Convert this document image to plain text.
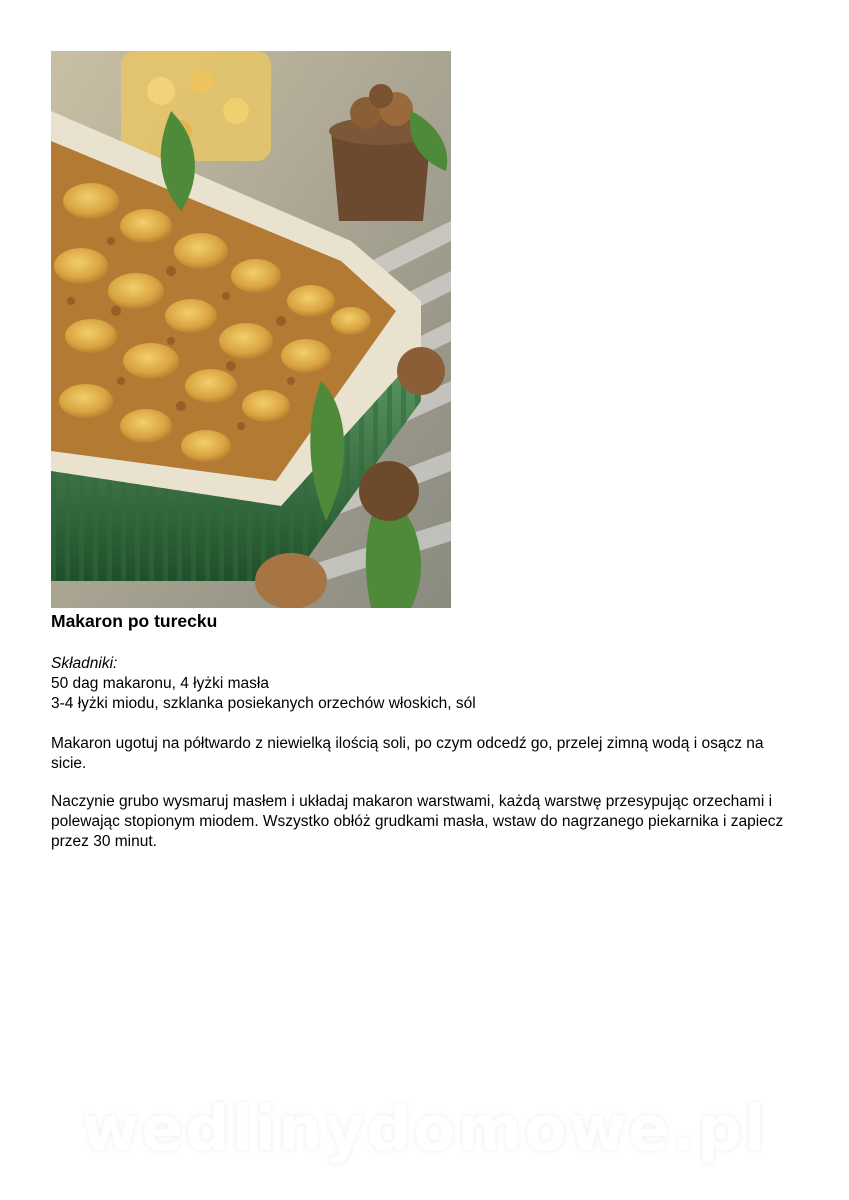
Makaron po turecku

Składniki:
50 dag makaronu, 4 łyżki masła
3-4 łyżki miodu, szklanka posiekanych orzechów włoskich, sól

Makaron ugotuj na półtwardo z niewielką ilością soli, po czym odcedź go, przelej zimną wodą i osącz na sicie.

Naczynie grubo wysmaruj masłem i układaj makaron warstwami, każdą warstwę przesypując orzechami i polewając stopionym miodem. Wszystko obłóż grudkami masła, wstaw do nagrzanego piekarnika i zapiecz przez 30 minut.

wedlinydomowe.pl
